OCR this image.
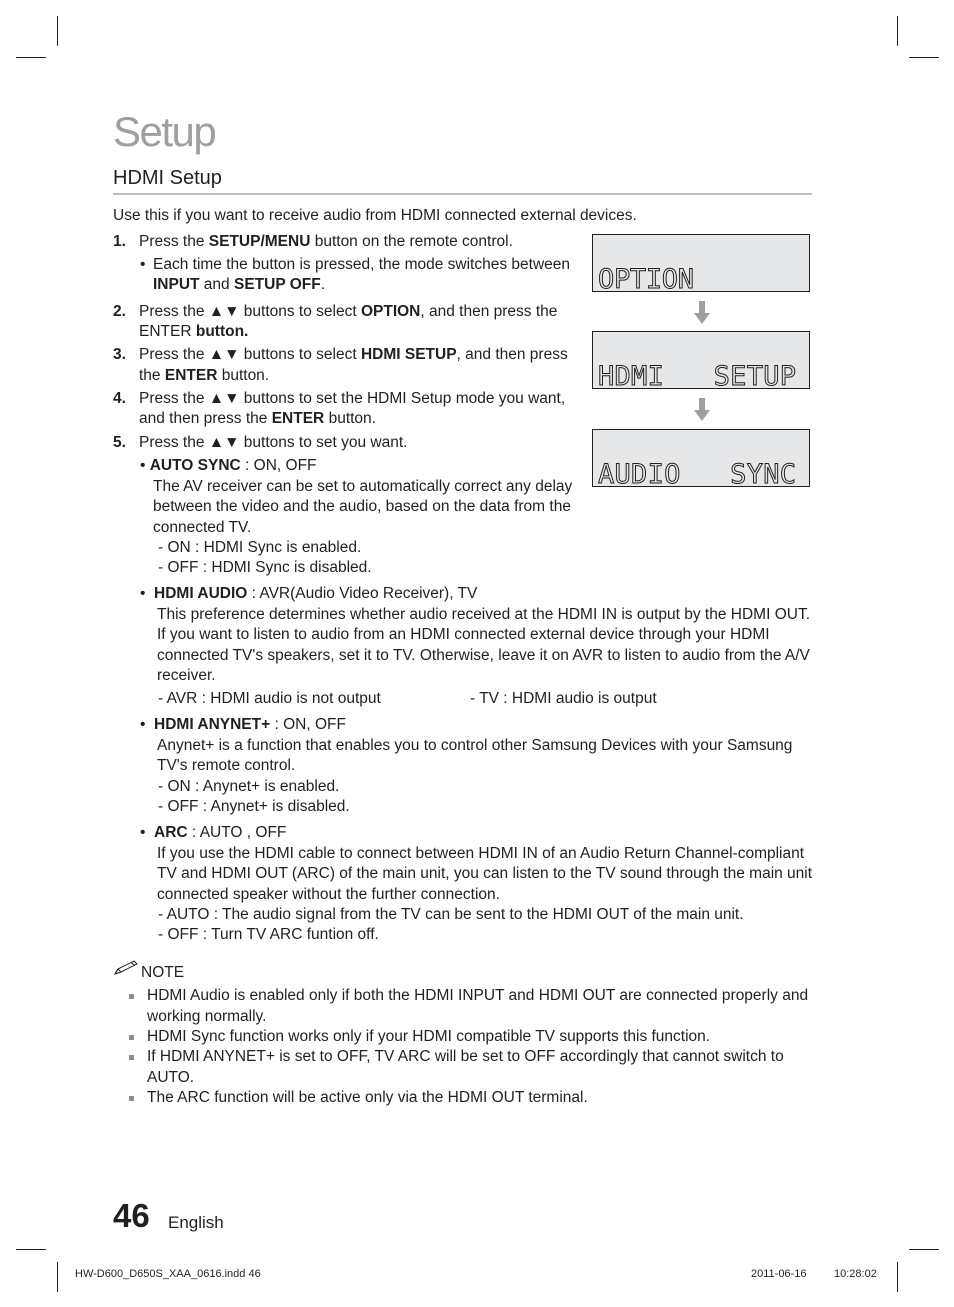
Setup
HDMI Setup
Use this if you want to receive audio from HDMI connected external devices.
1. Press the SETUP/MENU button on the remote control.
Each time the button is pressed, the mode switches between
INPUT and SETUP OFF.
•
2. Press the ▲▼ buttons to select OPTION, and then press the
ENTER button.
3. Press the ▲▼ buttons to select HDMI SETUP, and then press
the ENTER button.
4. Press the ▲▼ buttons to set the HDMI Setup mode you want,
and then press the ENTER button.
5. Press the ▲▼ buttons to set you want.
OPTION
HDMI   SETUP
AUDIO   SYNC
• AUTO SYNC : ON, OFF
The AV receiver can be set to automatically correct any delay
between the video and the audio, based on the data from the
connected TV.
- ON : HDMI Sync is enabled.
- OFF : HDMI Sync is disabled.
•  HDMI AUDIO : AVR(Audio Video Receiver), TV
This preference determines whether audio received at the HDMI IN is output by the HDMI OUT.
If you want to listen to audio from an HDMI connected external device through your HDMI
connected TV's speakers, set it to TV. Otherwise, leave it on AVR to listen to audio from the A/V
receiver.
- AVR : HDMI audio is not output	- TV : HDMI audio is output
•  HDMI ANYNET+ : ON, OFF
Anynet+ is a function that enables you to control other Samsung Devices with your Samsung
TV's remote control.
- ON : Anynet+ is enabled.
- OFF : Anynet+ is disabled.
•  ARC : AUTO , OFF
If you use the HDMI cable to connect between HDMI IN of an Audio Return Channel-compliant
TV and HDMI OUT (ARC) of the main unit, you can listen to the TV sound through the main unit
connected speaker without the further connection.
- AUTO : The audio signal from the TV can be sent to the HDMI OUT of the main unit.
- OFF : Turn TV ARC funtion off.
NOTE
HDMI Audio is enabled only if both the HDMI INPUT and HDMI OUT are connected properly and
working normally.
HDMI Sync function works only if your HDMI compatible TV supports this function.
If HDMI ANYNET+ is set to OFF, TV ARC will be set to OFF accordingly that cannot switch to
AUTO.
The ARC function will be active only via the HDMI OUT terminal.
46 English
HW-D600_D650S_XAA_0616.indd 46	2011-06-16	10:28:02
